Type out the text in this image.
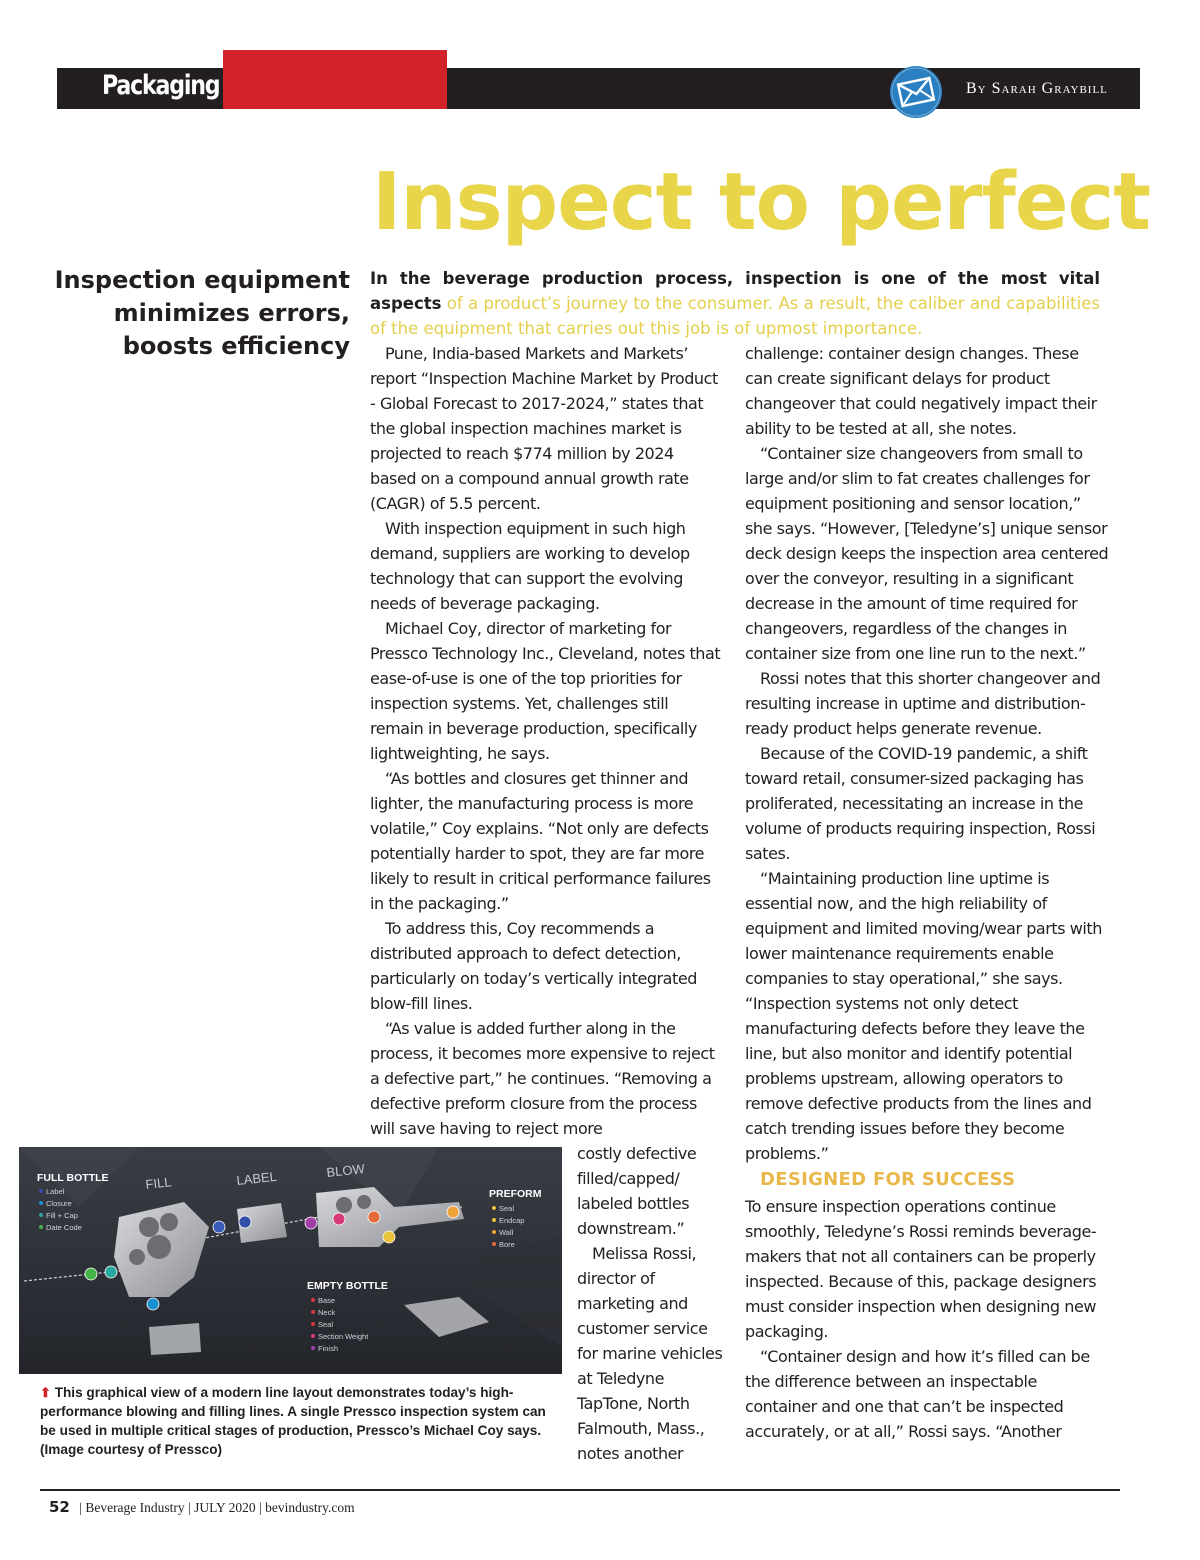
Packaging	By Sarah Graybill
Inspect to perfect
Inspection equipment minimizes errors, boosts efficiency
In the beverage production process, inspection is one of the most vital aspects of a product’s journey to the consumer. As a result, the caliber and capabilities of the equipment that carries out this job is of upmost importance.

Pune, India-based Markets and Markets’ report “Inspection Machine Market by Product - Global Forecast to 2017-2024,” states that the global inspection machines market is projected to reach $774 million by 2024 based on a compound annual growth rate (CAGR) of 5.5 percent.

With inspection equipment in such high demand, suppliers are working to develop technology that can support the evolving needs of beverage packaging.

Michael Coy, director of marketing for Pressco Technology Inc., Cleveland, notes that ease-of-use is one of the top priorities for inspection systems. Yet, challenges still remain in beverage production, specifically lightweighting, he says.

“As bottles and closures get thinner and lighter, the manufacturing process is more volatile,” Coy explains. “Not only are defects potentially harder to spot, they are far more likely to result in critical performance failures in the packaging.”

To address this, Coy recommends a distributed approach to defect detection, particularly on today’s vertically integrated blow-fill lines.

“As value is added further along in the process, it becomes more expensive to reject a defective part,” he continues. “Removing a defective preform closure from the process will save having to reject more

costly defective filled/capped/ labeled bottles downstream.”

Melissa Rossi, director of marketing and customer service for marine vehicles at Teledyne TapTone, North Falmouth, Mass., notes another

challenge: container design changes. These can create significant delays for product changeover that could negatively impact their ability to be tested at all, she notes.

“Container size changeovers from small to large and/or slim to fat creates challenges for equipment positioning and sensor location,” she says. “However, [Teledyne’s] unique sensor deck design keeps the inspection area centered over the conveyor, resulting in a significant decrease in the amount of time required for changeovers, regardless of the changes in container size from one line run to the next.”

Rossi notes that this shorter changeover and resulting increase in uptime and distribution-ready product helps generate revenue.

Because of the COVID-19 pandemic, a shift toward retail, consumer-sized packaging has proliferated, necessitating an increase in the volume of products requiring inspection, Rossi sates.

“Maintaining production line uptime is essential now, and the high reliability of equipment and limited moving/wear parts with lower maintenance requirements enable companies to stay operational,” she says. “Inspection systems not only detect manufacturing defects before they leave the line, but also monitor and identify potential problems upstream, allowing operators to remove defective products from the lines and catch trending issues before they become problems.”

DESIGNED FOR SUCCESS

To ensure inspection operations continue smoothly, Teledyne’s Rossi reminds beverage-makers that not all containers can be properly inspected. Because of this, package designers must consider inspection when designing new packaging.

“Container design and how it’s filled can be the difference between an inspectable container and one that can’t be inspected accurately, or at all,” Rossi says. “Another

FILL	LABEL	BLOW
FULL BOTTLE
Label
Closure
Fill + Cap
Date Code
PREFORM
Seal
Endcap
Wall
Bore
EMPTY BOTTLE
Base
Neck
Seal
Section Weight
Finish
⬆ This graphical view of a modern line layout demonstrates today’s high-performance blowing and filling lines. A single Pressco inspection system can be used in multiple critical stages of production, Pressco’s Michael Coy says. (Image courtesy of Pressco)
52 | Beverage Industry | JULY 2020 | bevindustry.com
